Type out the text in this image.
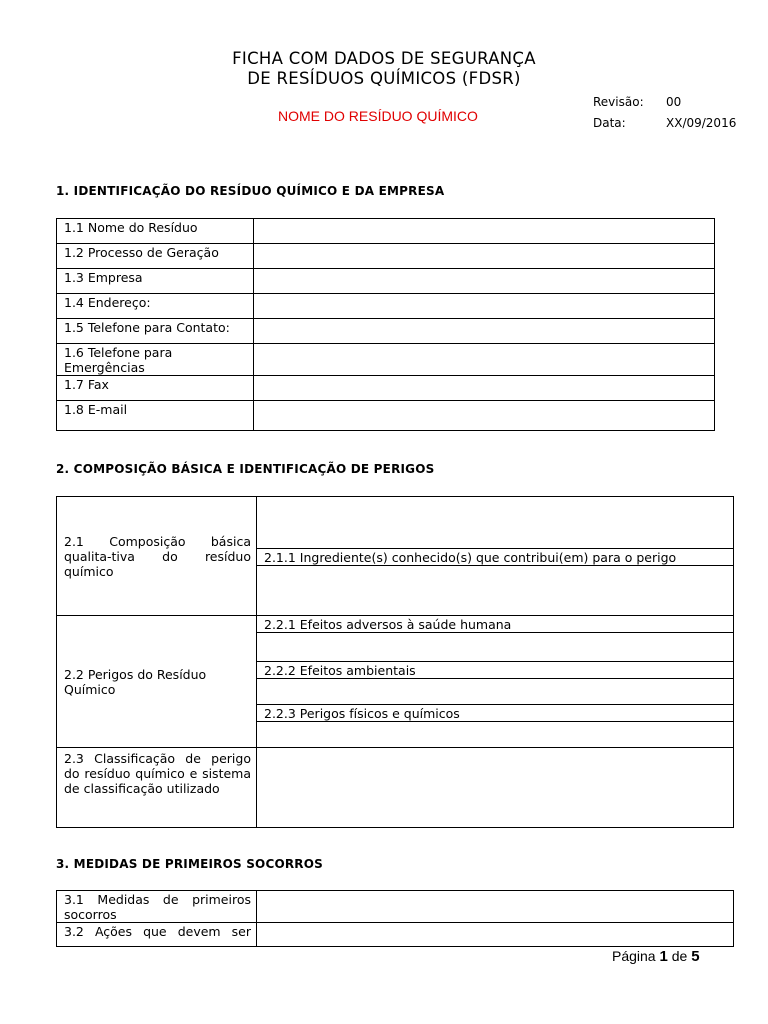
FICHA COM DADOS DE SEGURANÇA
DE RESÍDUOS QUÍMICOS (FDSR)
NOME DO RESÍDUO QUÍMICO
Revisão: 00
Data:	XX/09/2016
1. IDENTIFICAÇÃO DO RESÍDUO QUÍMICO E DA EMPRESA
1.1 Nome do Resíduo	
1.2 Processo de Geração	
1.3 Empresa	
1.4 Endereço:	
1.5 Telefone para Contato:	
1.6 Telefone para Emergências	
1.7 Fax	
1.8 E-mail	
2. COMPOSIÇÃO BÁSICA E IDENTIFICAÇÃO DE PERIGOS
2.1 Composição básica qualita-tiva do resíduo químico	
	2.1.1 Ingrediente(s) conhecido(s) que contribui(em) para o perigo

2.2 Perigos do Resíduo Químico	2.2.1 Efeitos adversos à saúde humana

	2.2.2 Efeitos ambientais

	2.2.3 Perigos físicos e químicos

2.3 Classificação de perigo do resíduo químico e sistema de classificação utilizado	
3. MEDIDAS DE PRIMEIROS SOCORROS
3.1 Medidas de primeiros socorros	
3.2 Ações que devem ser	
Página 1 de 5
